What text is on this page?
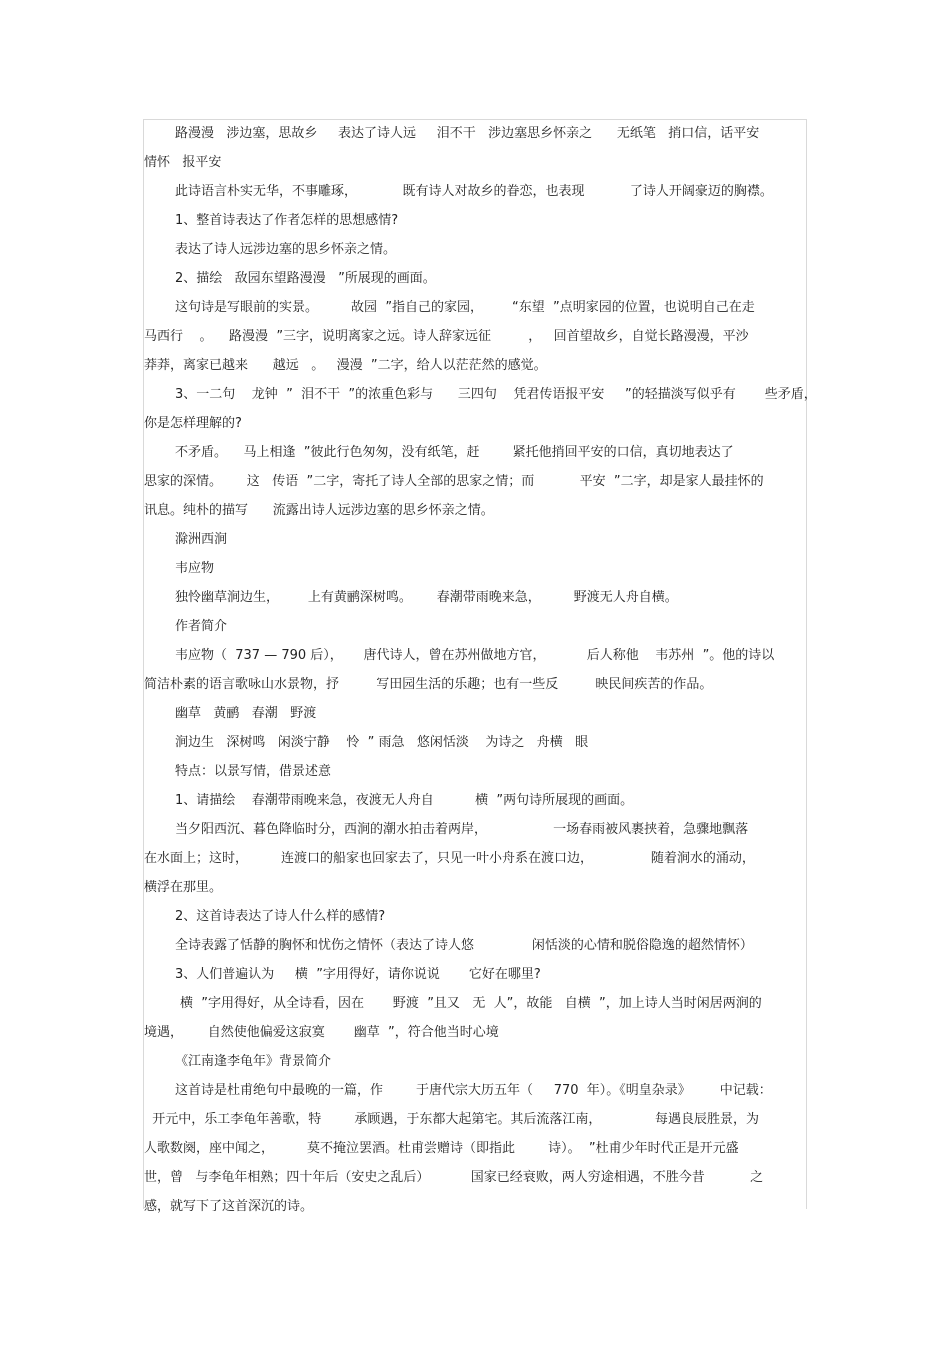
路漫漫   涉边塞，思故乡     表达了诗人远     泪不干   涉边塞思乡怀亲之      无纸笔   捎口信，话平安
情怀   报平安
此诗语言朴实无华，不事雕琢，           既有诗人对故乡的眷恋，也表现           了诗人开阔豪迈的胸襟。
1、整首诗表达了作者怎样的思想感情?
表达了诗人远涉边塞的思乡怀亲之情。
2、描绘   敌园东望路漫漫   ”所展现的画面。
这句诗是写眼前的实景。        故园  ”指自己的家园，       “东望  ”点明家园的位置，也说明自己在走
马西行    。    路漫漫  ”三字，说明离家之远。诗人辞家远征         ，   回首望故乡，自觉长路漫漫，平沙
莽莽，离家已越来      越远   。   漫漫  ”二字，给人以茫茫然的感觉。
3、一二句    龙钟  ”  泪不干  ”的浓重色彩与      三四句    凭君传语报平安     ”的轻描淡写似乎有       些矛盾，
你是怎样理解的?
不矛盾。    马上相逢  ”彼此行色匆匆，没有纸笔，赶        紧托他捎回平安的口信，真切地表达了
思家的深情。      这   传语  ”二字，寄托了诗人全部的思家之情；而           平安  ”二字，却是家人最挂怀的
讯息。纯朴的描写      流露出诗人远涉边塞的思乡怀亲之情。
滁洲西涧
韦应物
独怜幽草涧边生，       上有黄鹂深树鸣。      春潮带雨晚来急，        野渡无人舟自横。
作者简介
韦应物（  737 — 790 后），     唐代诗人，曾在苏州做地方官，          后人称他    韦苏州  ”。他的诗以
简洁朴素的语言歌咏山水景物，抒         写田园生活的乐趣；也有一些反         映民间疾苦的作品。
幽草   黄鹂   春潮   野渡
涧边生   深树鸣   闲淡宁静    怜  ” 雨急   悠闲恬淡    为诗之   舟横   眼
特点：以景写情，借景述意
1、请描绘    春潮带雨晚来急，夜渡无人舟自          横  ”两句诗所展现的画面。
当夕阳西沉、暮色降临时分，西涧的潮水拍击着两岸，                一场春雨被风裹挟着，急骤地飘落
在水面上；这时，        连渡口的船家也回家去了，只见一叶小舟系在渡口边，              随着涧水的涌动，
横浮在那里。
2、这首诗表达了诗人什么样的感情?
全诗表露了恬静的胸怀和忧伤之情怀（表达了诗人悠              闲恬淡的心情和脱俗隐逸的超然情怀）
3、人们普遍认为     横  ”字用得好，请你说说       它好在哪里?
横  ”字用得好，从全诗看，因在       野渡  ”且又   无  人”，故能   自横  ”，加上诗人当时闲居两涧的
境遇，      自然使他偏爱这寂寞       幽草  ”，符合他当时心境
《江南逢李龟年》背景简介
这首诗是杜甫绝句中最晚的一篇，作        于唐代宗大历五年（     770  年）。《明皇杂录》       中记载：
开元中，乐工李龟年善歌，特        承顾遇，于东都大起第宅。其后流落江南，             每遇良辰胜景，为
人歌数阕，座中闻之，        莫不掩泣罢酒。杜甫尝赠诗（即指此        诗）。  ”杜甫少年时代正是开元盛
世，曾   与李龟年相熟；四十年后（安史之乱后）          国家已经衰败，两人穷途相遇，不胜今昔           之
感，就写下了这首深沉的诗。
